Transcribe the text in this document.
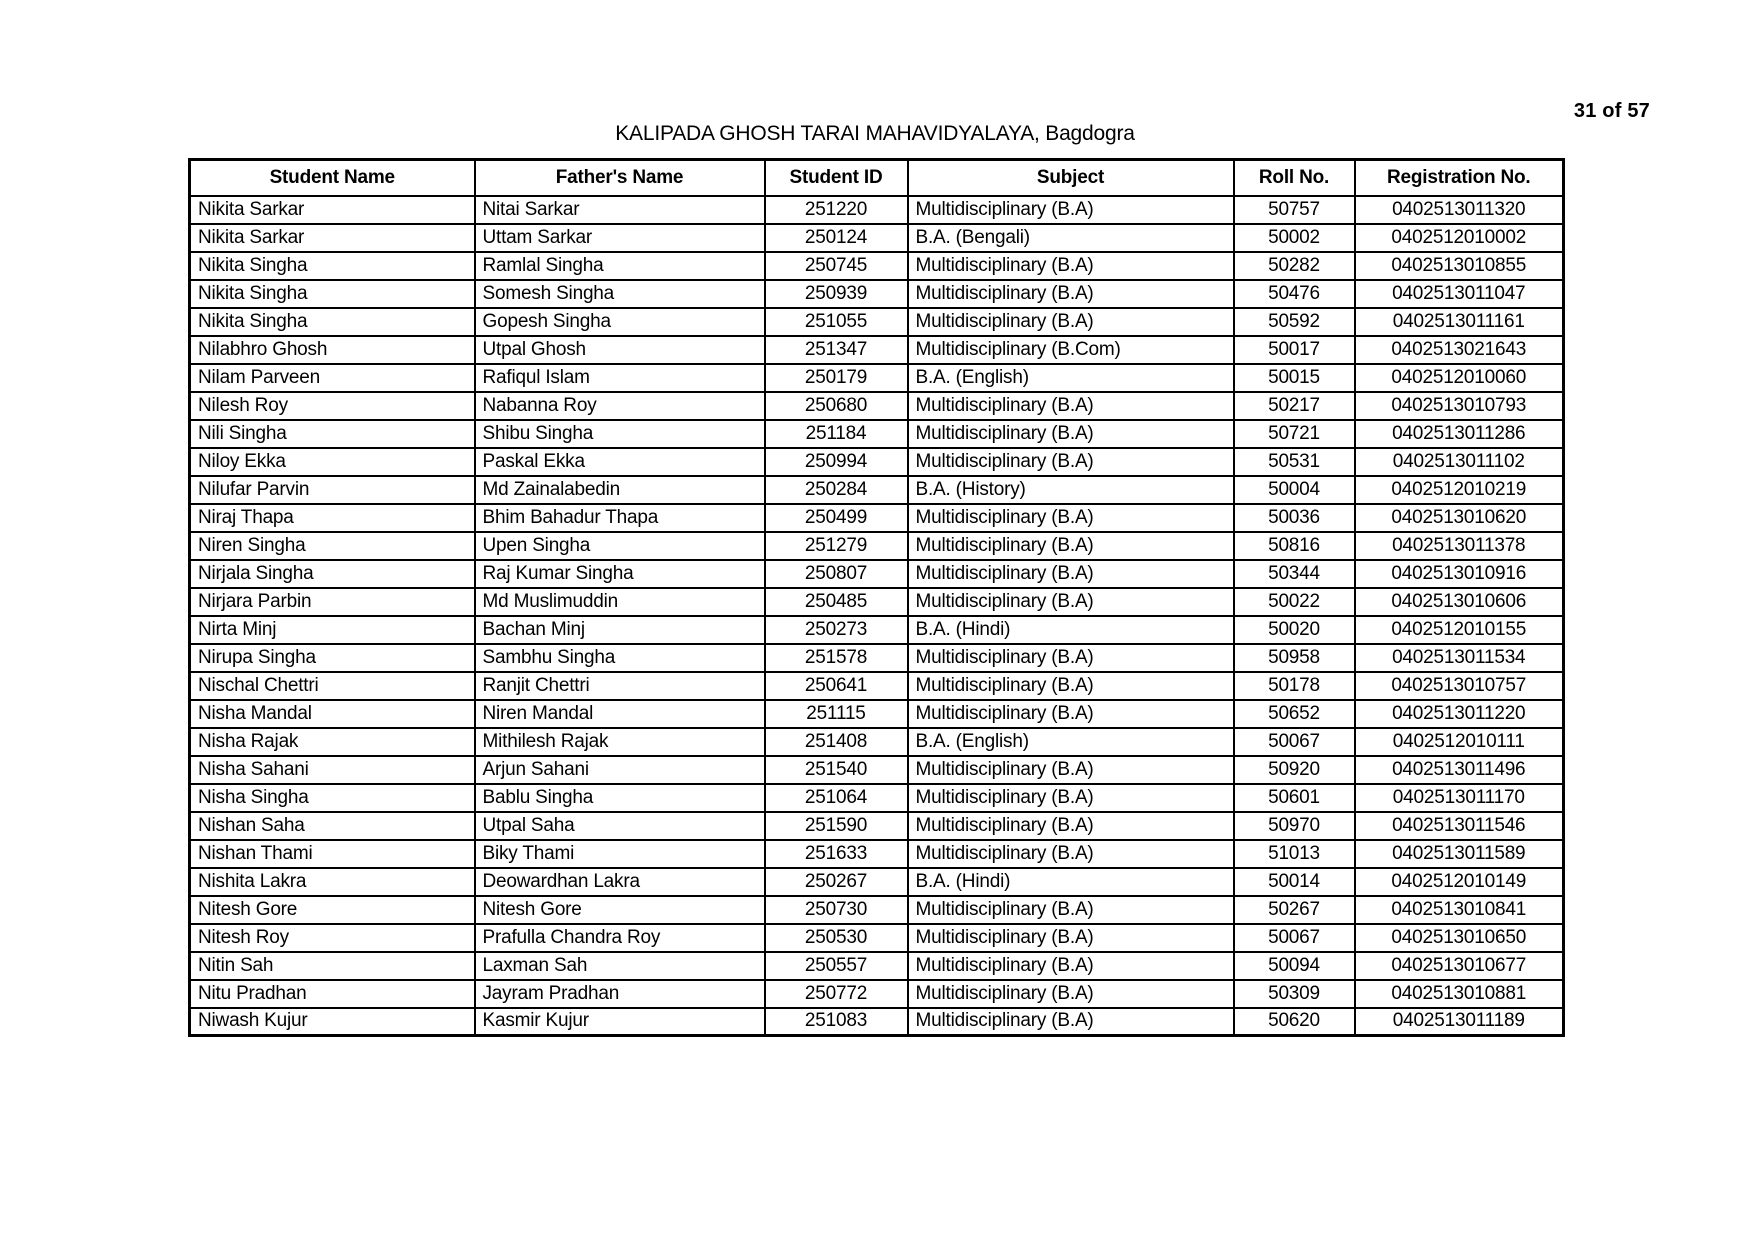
31 of 57
KALIPADA GHOSH TARAI MAHAVIDYALAYA, Bagdogra
Student Name	Father's Name	Student ID	Subject	Roll No.	Registration No.
Nikita Sarkar	Nitai Sarkar	251220	Multidisciplinary (B.A)	50757	0402513011320
Nikita Sarkar	Uttam Sarkar	250124	B.A. (Bengali)	50002	0402512010002
Nikita Singha	Ramlal Singha	250745	Multidisciplinary (B.A)	50282	0402513010855
Nikita Singha	Somesh Singha	250939	Multidisciplinary (B.A)	50476	0402513011047
Nikita Singha	Gopesh Singha	251055	Multidisciplinary (B.A)	50592	0402513011161
Nilabhro Ghosh	Utpal Ghosh	251347	Multidisciplinary (B.Com)	50017	0402513021643
Nilam Parveen	Rafiqul Islam	250179	B.A. (English)	50015	0402512010060
Nilesh Roy	Nabanna Roy	250680	Multidisciplinary (B.A)	50217	0402513010793
Nili Singha	Shibu Singha	251184	Multidisciplinary (B.A)	50721	0402513011286
Niloy Ekka	Paskal Ekka	250994	Multidisciplinary (B.A)	50531	0402513011102
Nilufar Parvin	Md Zainalabedin	250284	B.A. (History)	50004	0402512010219
Niraj Thapa	Bhim Bahadur Thapa	250499	Multidisciplinary (B.A)	50036	0402513010620
Niren Singha	Upen Singha	251279	Multidisciplinary (B.A)	50816	0402513011378
Nirjala Singha	Raj Kumar Singha	250807	Multidisciplinary (B.A)	50344	0402513010916
Nirjara Parbin	Md Muslimuddin	250485	Multidisciplinary (B.A)	50022	0402513010606
Nirta Minj	Bachan Minj	250273	B.A. (Hindi)	50020	0402512010155
Nirupa Singha	Sambhu Singha	251578	Multidisciplinary (B.A)	50958	0402513011534
Nischal Chettri	Ranjit Chettri	250641	Multidisciplinary (B.A)	50178	0402513010757
Nisha Mandal	Niren Mandal	251115	Multidisciplinary (B.A)	50652	0402513011220
Nisha Rajak	Mithilesh Rajak	251408	B.A. (English)	50067	0402512010111
Nisha Sahani	Arjun Sahani	251540	Multidisciplinary (B.A)	50920	0402513011496
Nisha Singha	Bablu Singha	251064	Multidisciplinary (B.A)	50601	0402513011170
Nishan Saha	Utpal Saha	251590	Multidisciplinary (B.A)	50970	0402513011546
Nishan Thami	Biky Thami	251633	Multidisciplinary (B.A)	51013	0402513011589
Nishita Lakra	Deowardhan Lakra	250267	B.A. (Hindi)	50014	0402512010149
Nitesh Gore	Nitesh Gore	250730	Multidisciplinary (B.A)	50267	0402513010841
Nitesh Roy	Prafulla Chandra Roy	250530	Multidisciplinary (B.A)	50067	0402513010650
Nitin Sah	Laxman Sah	250557	Multidisciplinary (B.A)	50094	0402513010677
Nitu Pradhan	Jayram Pradhan	250772	Multidisciplinary (B.A)	50309	0402513010881
Niwash Kujur	Kasmir Kujur	251083	Multidisciplinary (B.A)	50620	0402513011189
